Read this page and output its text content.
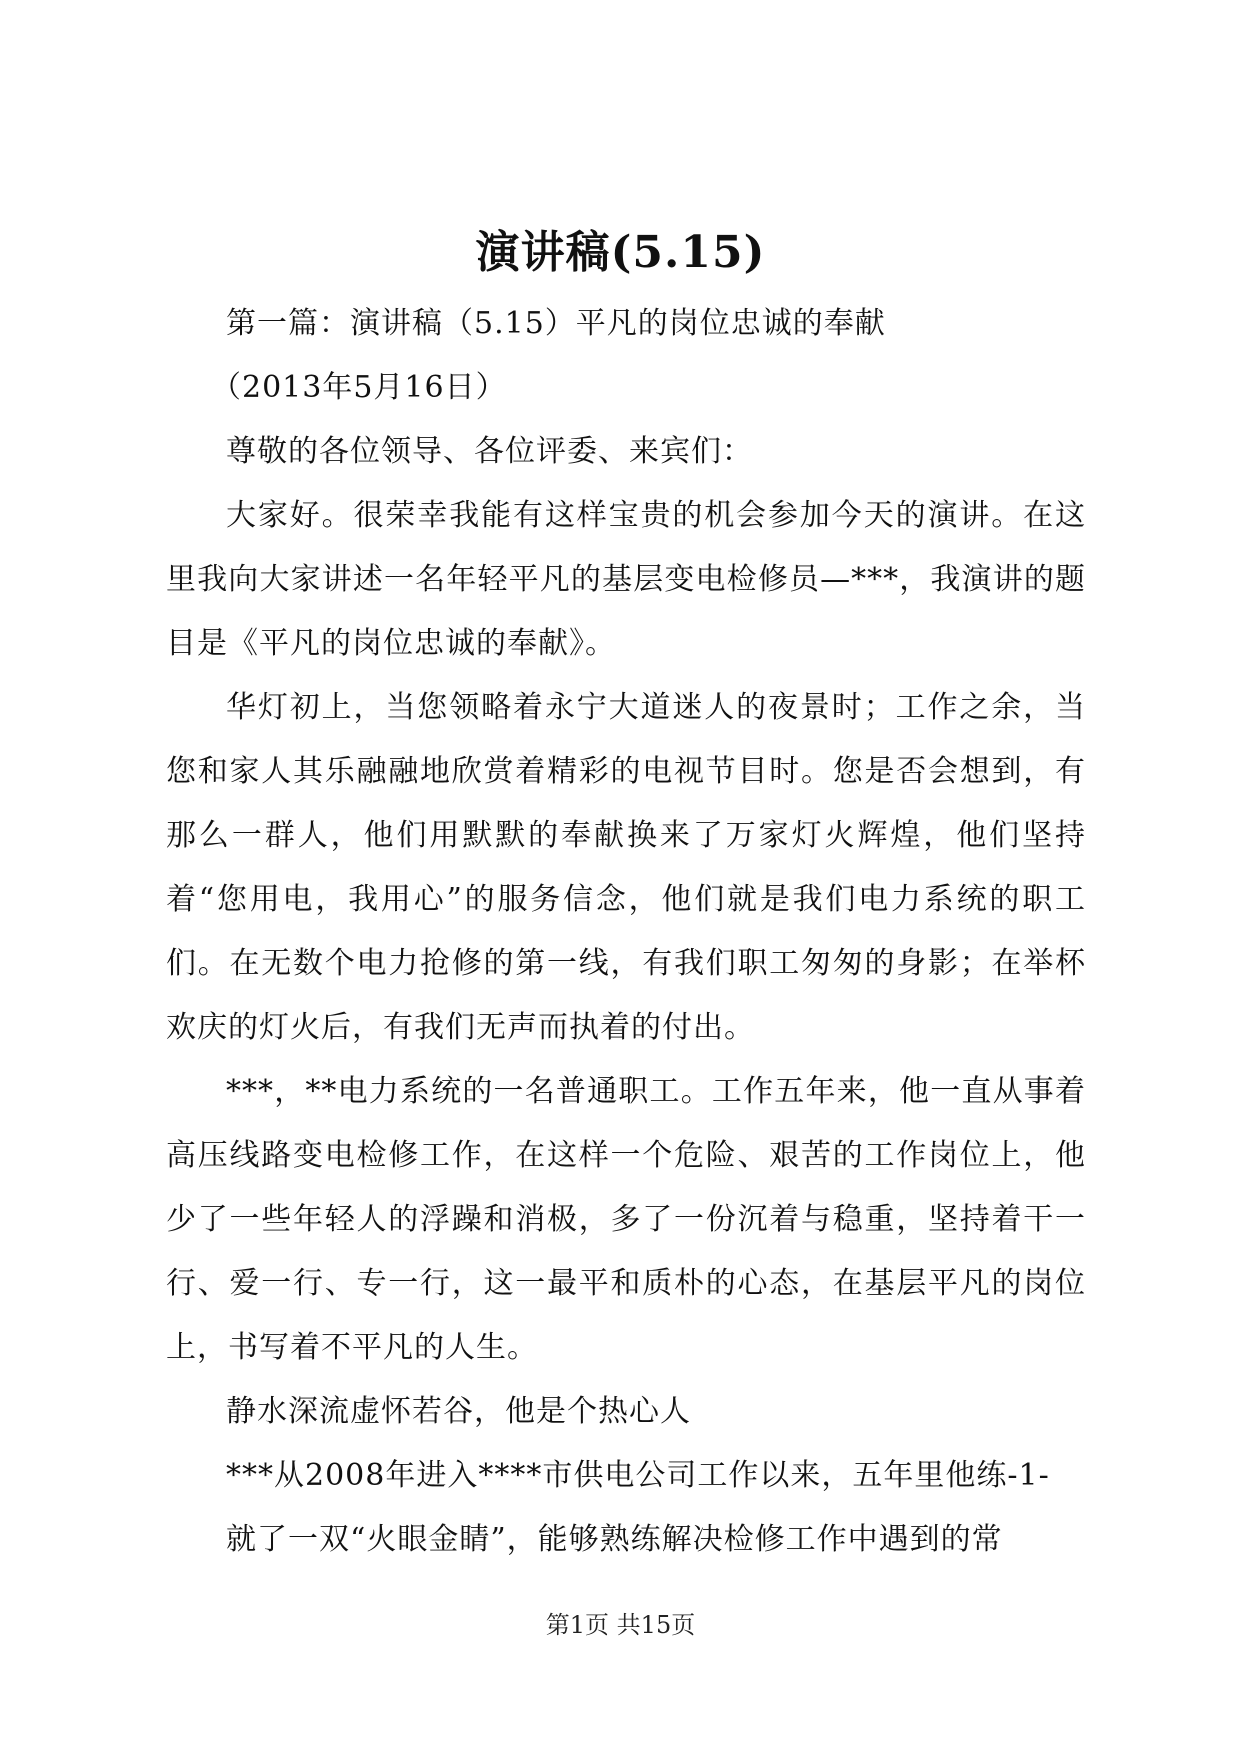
演讲稿(5.15)

第一篇：演讲稿（5.15）平凡的岗位忠诚的奉献

（2013年5月16日）

尊敬的各位领导、各位评委、来宾们：

大家好。很荣幸我能有这样宝贵的机会参加今天的演讲。在这里我向大家讲述一名年轻平凡的基层变电检修员—***，我演讲的题目是《平凡的岗位忠诚的奉献》。

华灯初上，当您领略着永宁大道迷人的夜景时；工作之余，当您和家人其乐融融地欣赏着精彩的电视节目时。您是否会想到，有那么一群人，他们用默默的奉献换来了万家灯火辉煌，他们坚持着“您用电，我用心”的服务信念，他们就是我们电力系统的职工们。在无数个电力抢修的第一线，有我们职工匆匆的身影；在举杯欢庆的灯火后，有我们无声而执着的付出。

***，**电力系统的一名普通职工。工作五年来，他一直从事着高压线路变电检修工作，在这样一个危险、艰苦的工作岗位上，他少了一些年轻人的浮躁和消极，多了一份沉着与稳重，坚持着干一行、爱一行、专一行，这一最平和质朴的心态，在基层平凡的岗位上，书写着不平凡的人生。

静水深流虚怀若谷，他是个热心人

***从2008年进入****市供电公司工作以来，五年里他练-1-

就了一双“火眼金睛”，能够熟练解决检修工作中遇到的常

第1页 共15页
